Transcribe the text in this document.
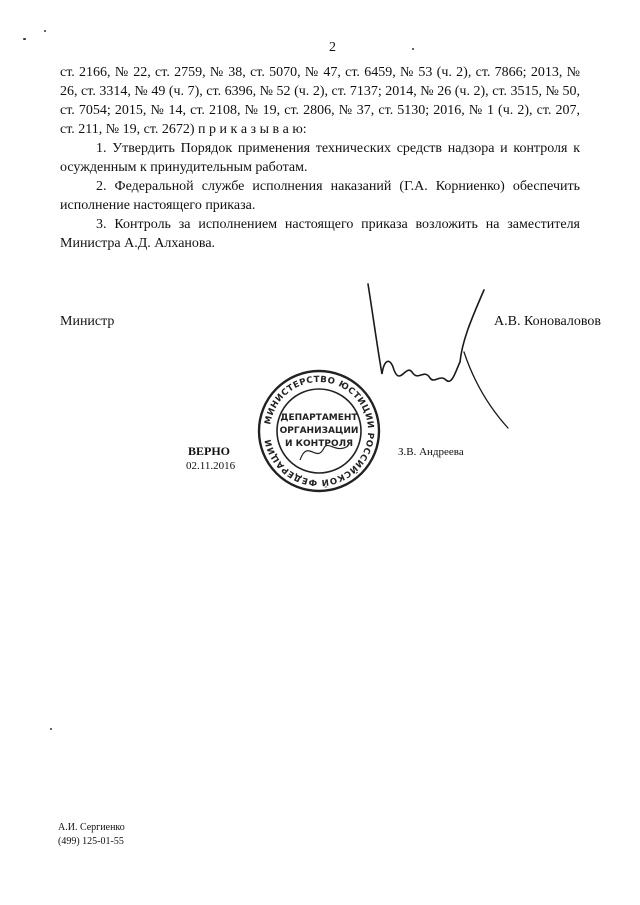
2

ст. 2166, № 22, ст. 2759, № 38, ст. 5070, № 47, ст. 6459, № 53 (ч. 2), ст. 7866; 2013, № 26, ст. 3314, № 49 (ч. 7), ст. 6396, № 52 (ч. 2), ст. 7137; 2014, № 26 (ч. 2), ст. 3515, № 50, ст. 7054; 2015, № 14, ст. 2108, № 19, ст. 2806, № 37, ст. 5130; 2016, № 1 (ч. 2), ст. 207, ст. 211, № 19, ст. 2672) п р и к а з ы в а ю:

1. Утвердить Порядок применения технических средств надзора и контроля к осужденным к принудительным работам.

2. Федеральной службе исполнения наказаний (Г.А. Корниенко) обеспечить исполнение настоящего приказа.

3. Контроль за исполнением настоящего приказа возложить на заместителя Министра А.Д. Алханова.

Министр	А.В. Коноваловов
МИНИСТЕРСТВО ЮСТИЦИИ РОССИЙСКОЙ ФЕДЕРАЦИИ
ДЕПАРТАМЕНТ
ОРГАНИЗАЦИИ
И КОНТРОЛЯ
ВЕРНО
02.11.2016
З.В. Андреева
А.И. Сергиенко
(499) 125-01-55
